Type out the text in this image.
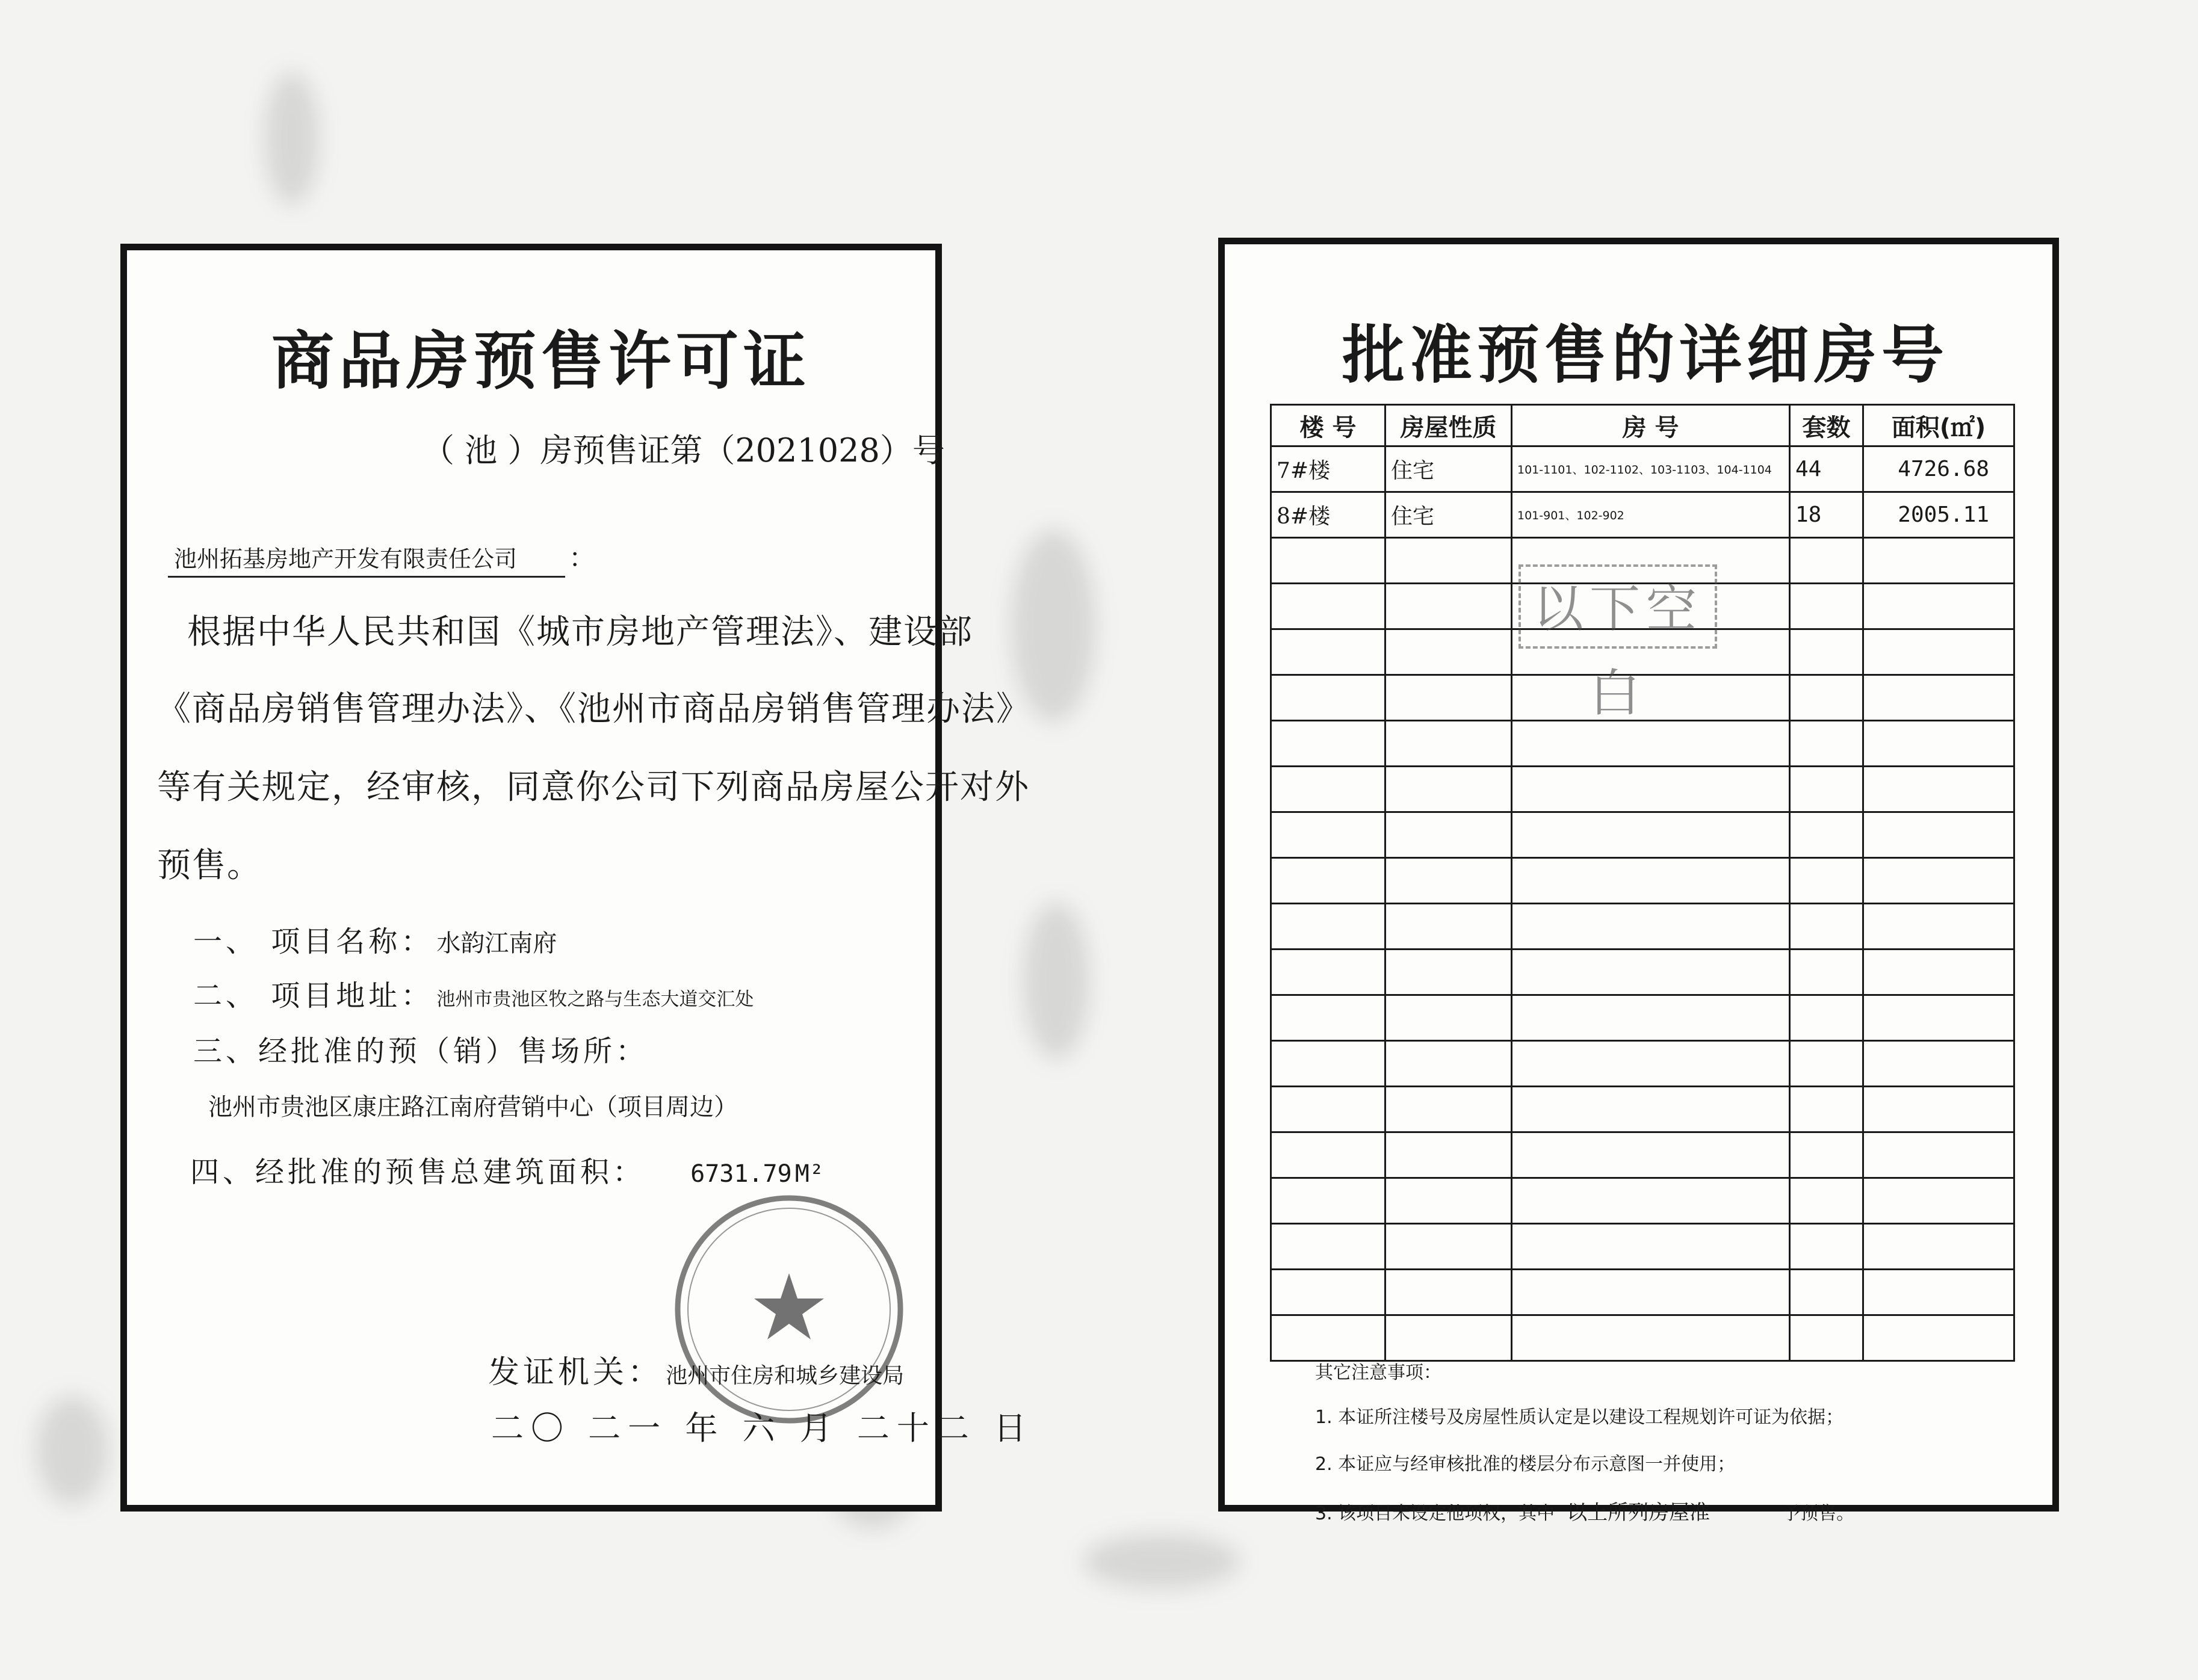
商品房预售许可证

（ 池 ）房预售证第（2021028）号

池州拓基房地产开发有限责任公司 ：

根据中华人民共和国《城市房地产管理法》、建设部

《商品房销售管理办法》、《池州市商品房销售管理办法》

等有关规定，经审核，同意你公司下列商品房屋公开对外

预售。

一、 项目名称： 水韵江南府
二、 项目地址： 池州市贵池区牧之路与生态大道交汇处
三、经批准的预（销）售场所：

池州市贵池区康庄路江南府营销中心（项目周边）

四、经批准的预售总建筑面积： 6731.79 M²
发证机关： 池州市住房和城乡建设局

二〇 二一 年 六 月 二十二 日

批准预售的详细房号
楼 号	房屋性质	房 号	套数	面积(㎡)
7#楼	住宅	101-1101、102-1102、103-1103、104-1104	44	4726.68
8#楼	住宅	101-901、102-902	18	2005.11

以下空白

其它注意事项：

1. 本证所注楼号及房屋性质认定是以建设工程规划许可证为依据；

2. 本证应与经审核批准的楼层分布示意图一并使用；

3. 该项目未设定他项权，其中 以上所列房屋准	予预售。
